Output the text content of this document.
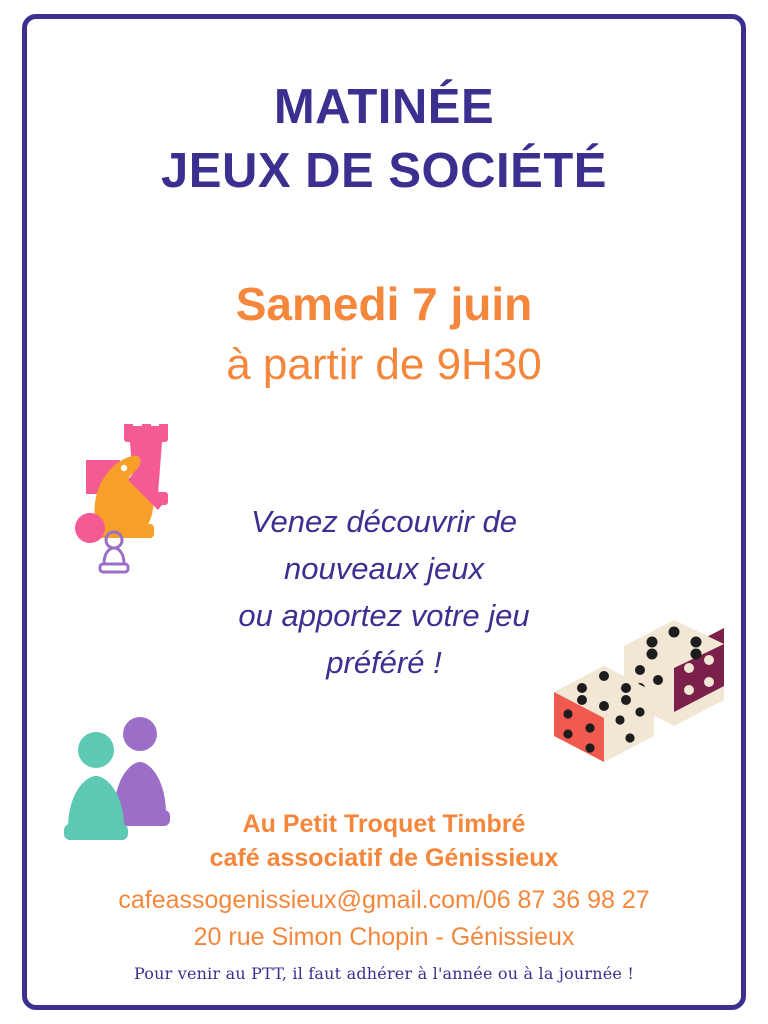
MATINÉE
JEUX DE SOCIÉTÉ
Samedi 7 juin
à partir de 9H30
Venez découvrir de
nouveaux jeux
ou apportez votre jeu
préféré !
Au Petit Troquet Timbré
café associatif de Génissieux
cafeassogenissieux@gmail.com/06 87 36 98 27
20 rue Simon Chopin - Génissieux
Pour venir au PTT, il faut adhérer à l'année ou à la journée !
